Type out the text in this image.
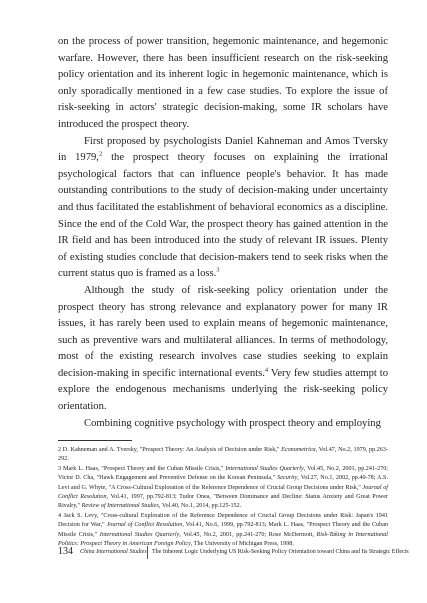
on the process of power transition, hegemonic maintenance, and hegemonic warfare. However, there has been insufficient research on the risk-seeking policy orientation and its inherent logic in hegemonic maintenance, which is only sporadically mentioned in a few case studies. To explore the issue of risk-seeking in actors' strategic decision-making, some IR scholars have introduced the prospect theory.

First proposed by psychologists Daniel Kahneman and Amos Tversky in 1979,$^2$ the prospect theory focuses on explaining the irrational psychological factors that can influence people's behavior. It has made outstanding contributions to the study of decision-making under uncertainty and thus facilitated the establishment of behavioral economics as a discipline. Since the end of the Cold War, the prospect theory has gained attention in the IR field and has been introduced into the study of relevant IR issues. Plenty of existing studies conclude that decision-makers tend to seek risks when the current status quo is framed as a loss.$^3$

Although the study of risk-seeking policy orientation under the prospect theory has strong relevance and explanatory power for many IR issues, it has rarely been used to explain means of hegemonic maintenance, such as preventive wars and multilateral alliances. In terms of methodology, most of the existing research involves case studies seeking to explain decision-making in specific international events.$^4$ Very few studies attempt to explore the endogenous mechanisms underlying the risk-seeking policy orientation.

Combining cognitive psychology with prospect theory and employing

2 D. Kahneman and A. Tversky, "Prospect Theory: An Analysis of Decision under Risk," Econometrica, Vol.47, No.2, 1979, pp.263-292.

3 Mark L. Haas, "Prospect Theory and the Cuban Missile Crisis," International Studies Quarterly, Vol.45, No.2, 2001, pp.241-270; Victor D. Cha, "Hawk Engagement and Preventive Defense on the Korean Peninsula," Security, Vol.27, No.1, 2002, pp.40-78; A.S. Levi and G. Whyte, "A Cross-Cultural Exploration of the Reference Dependence of Crucial Group Decisions under Risk," Journal of Conflict Resolution, Vol.41, 1997, pp.792-813; Tudor Onea, "Between Dominance and Decline: Status Anxiety and Great Power Rivalry," Review of International Studies, Vol.40, No.1, 2014, pp.125-152.

4 Jack S. Levy, "Cross-cultural Exploration of the Reference Dependence of Crucial Group Decisions under Risk: Japan's 1941 Decision for War," Journal of Conflict Resolution, Vol.41, No.6, 1999, pp.792-813; Mark L. Haas, "Prospect Theory and the Cuban Missile Crisis," International Studies Quarterly, Vol.45, No.2, 2001, pp.241-270; Rose McDermott, Risk-Taking in International Politics: Prospect Theory in American Foreign Policy, The University of Michigan Press, 1998.

134 China International Studies The Inherent Logic Underlying US Risk-Seeking Policy Orientation toward China and Its Strategic Effects
